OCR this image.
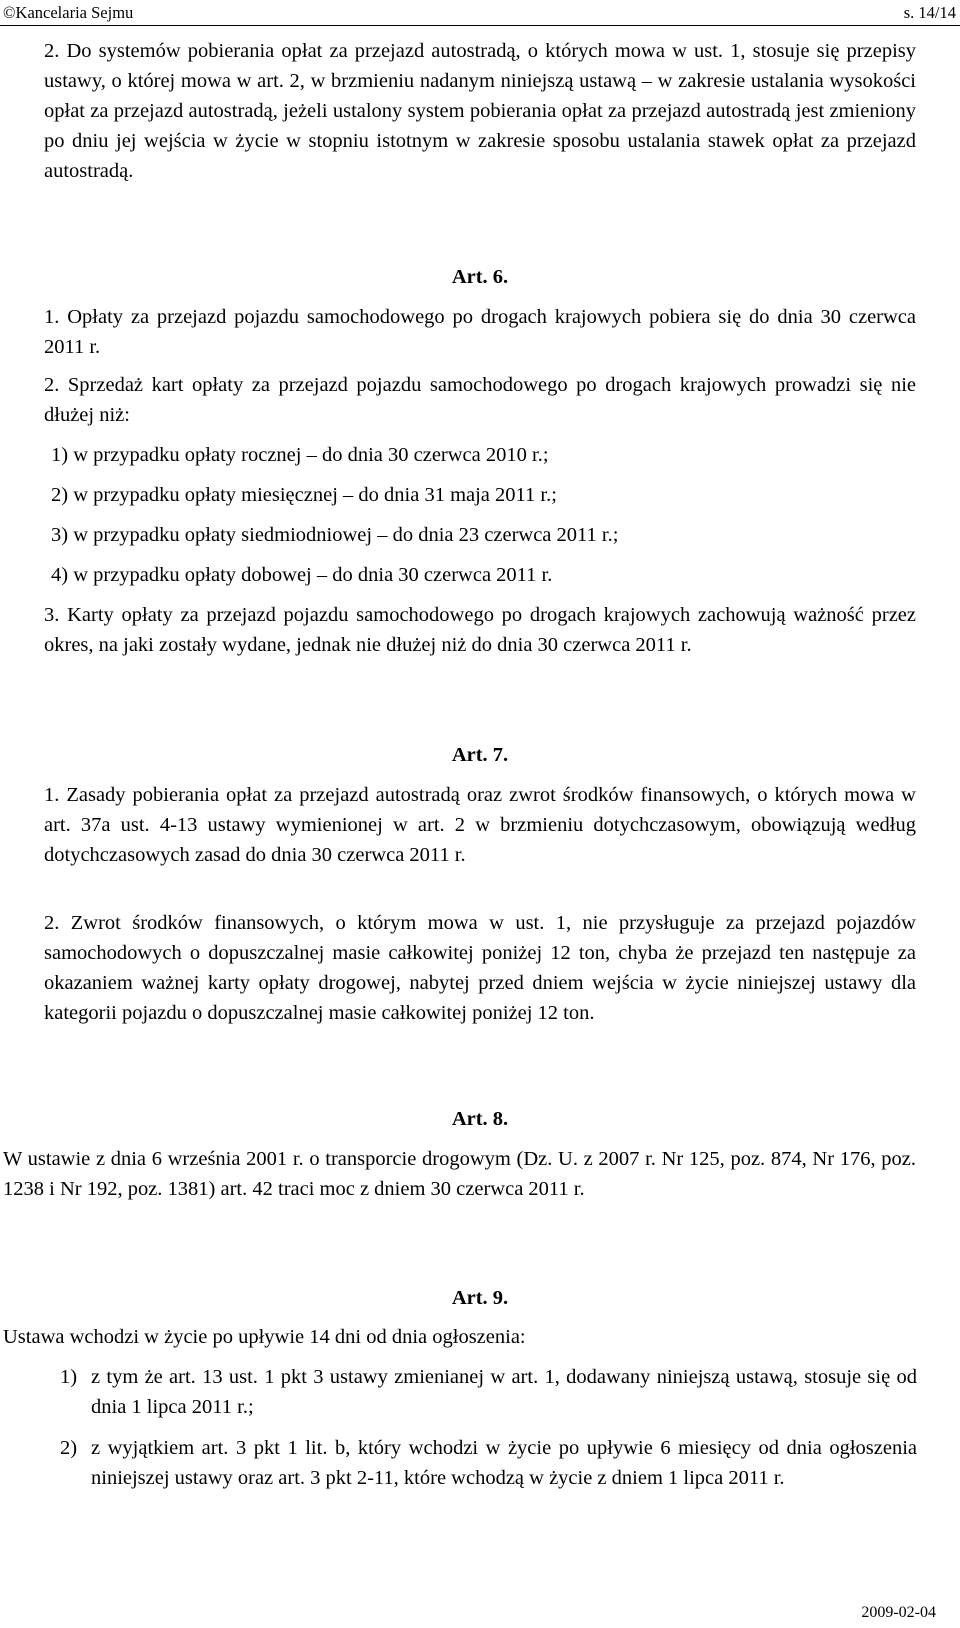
©Kancelaria Sejmu	s. 14/14

2. Do systemów pobierania opłat za przejazd autostradą, o których mowa w ust. 1, stosuje się przepisy ustawy, o której mowa w art. 2, w brzmieniu nadanym niniejszą ustawą – w zakresie ustalania wysokości opłat za przejazd autostradą, jeżeli ustalony system pobierania opłat za przejazd autostradą jest zmieniony po dniu jej wejścia w życie w stopniu istotnym w zakresie sposobu ustalania stawek opłat za przejazd autostradą.

Art. 6.

1. Opłaty za przejazd pojazdu samochodowego po drogach krajowych pobiera się do dnia 30 czerwca 2011 r.

2. Sprzedaż kart opłaty za przejazd pojazdu samochodowego po drogach krajowych prowadzi się nie dłużej niż:

1) w przypadku opłaty rocznej – do dnia 30 czerwca 2010 r.;
2) w przypadku opłaty miesięcznej – do dnia 31 maja 2011 r.;
3) w przypadku opłaty siedmiodniowej – do dnia 23 czerwca 2011 r.;
4) w przypadku opłaty dobowej – do dnia 30 czerwca 2011 r.

3. Karty opłaty za przejazd pojazdu samochodowego po drogach krajowych zachowują ważność przez okres, na jaki zostały wydane, jednak nie dłużej niż do dnia 30 czerwca 2011 r.

Art. 7.

1. Zasady pobierania opłat za przejazd autostradą oraz zwrot środków finansowych, o których mowa w art. 37a ust. 4-13 ustawy wymienionej w art. 2 w brzmieniu dotychczasowym, obowiązują według dotychczasowych zasad do dnia 30 czerwca 2011 r.

2. Zwrot środków finansowych, o którym mowa w ust. 1, nie przysługuje za przejazd pojazdów samochodowych o dopuszczalnej masie całkowitej poniżej 12 ton, chyba że przejazd ten następuje za okazaniem ważnej karty opłaty drogowej, nabytej przed dniem wejścia w życie niniejszej ustawy dla kategorii pojazdu o dopuszczalnej masie całkowitej poniżej 12 ton.

Art. 8.

W ustawie z dnia 6 września 2001 r. o transporcie drogowym (Dz. U. z 2007 r. Nr 125, poz. 874, Nr 176, poz. 1238 i Nr 192, poz. 1381) art. 42 traci moc z dniem 30 czerwca 2011 r.

Art. 9.

Ustawa wchodzi w życie po upływie 14 dni od dnia ogłoszenia:

1) z tym że art. 13 ust. 1 pkt 3 ustawy zmienianej w art. 1, dodawany niniejszą ustawą, stosuje się od dnia 1 lipca 2011 r.;
2) z wyjątkiem art. 3 pkt 1 lit. b, który wchodzi w życie po upływie 6 miesięcy od dnia ogłoszenia niniejszej ustawy oraz art. 3 pkt 2-11, które wchodzą w życie z dniem 1 lipca 2011 r.
2009-02-04
